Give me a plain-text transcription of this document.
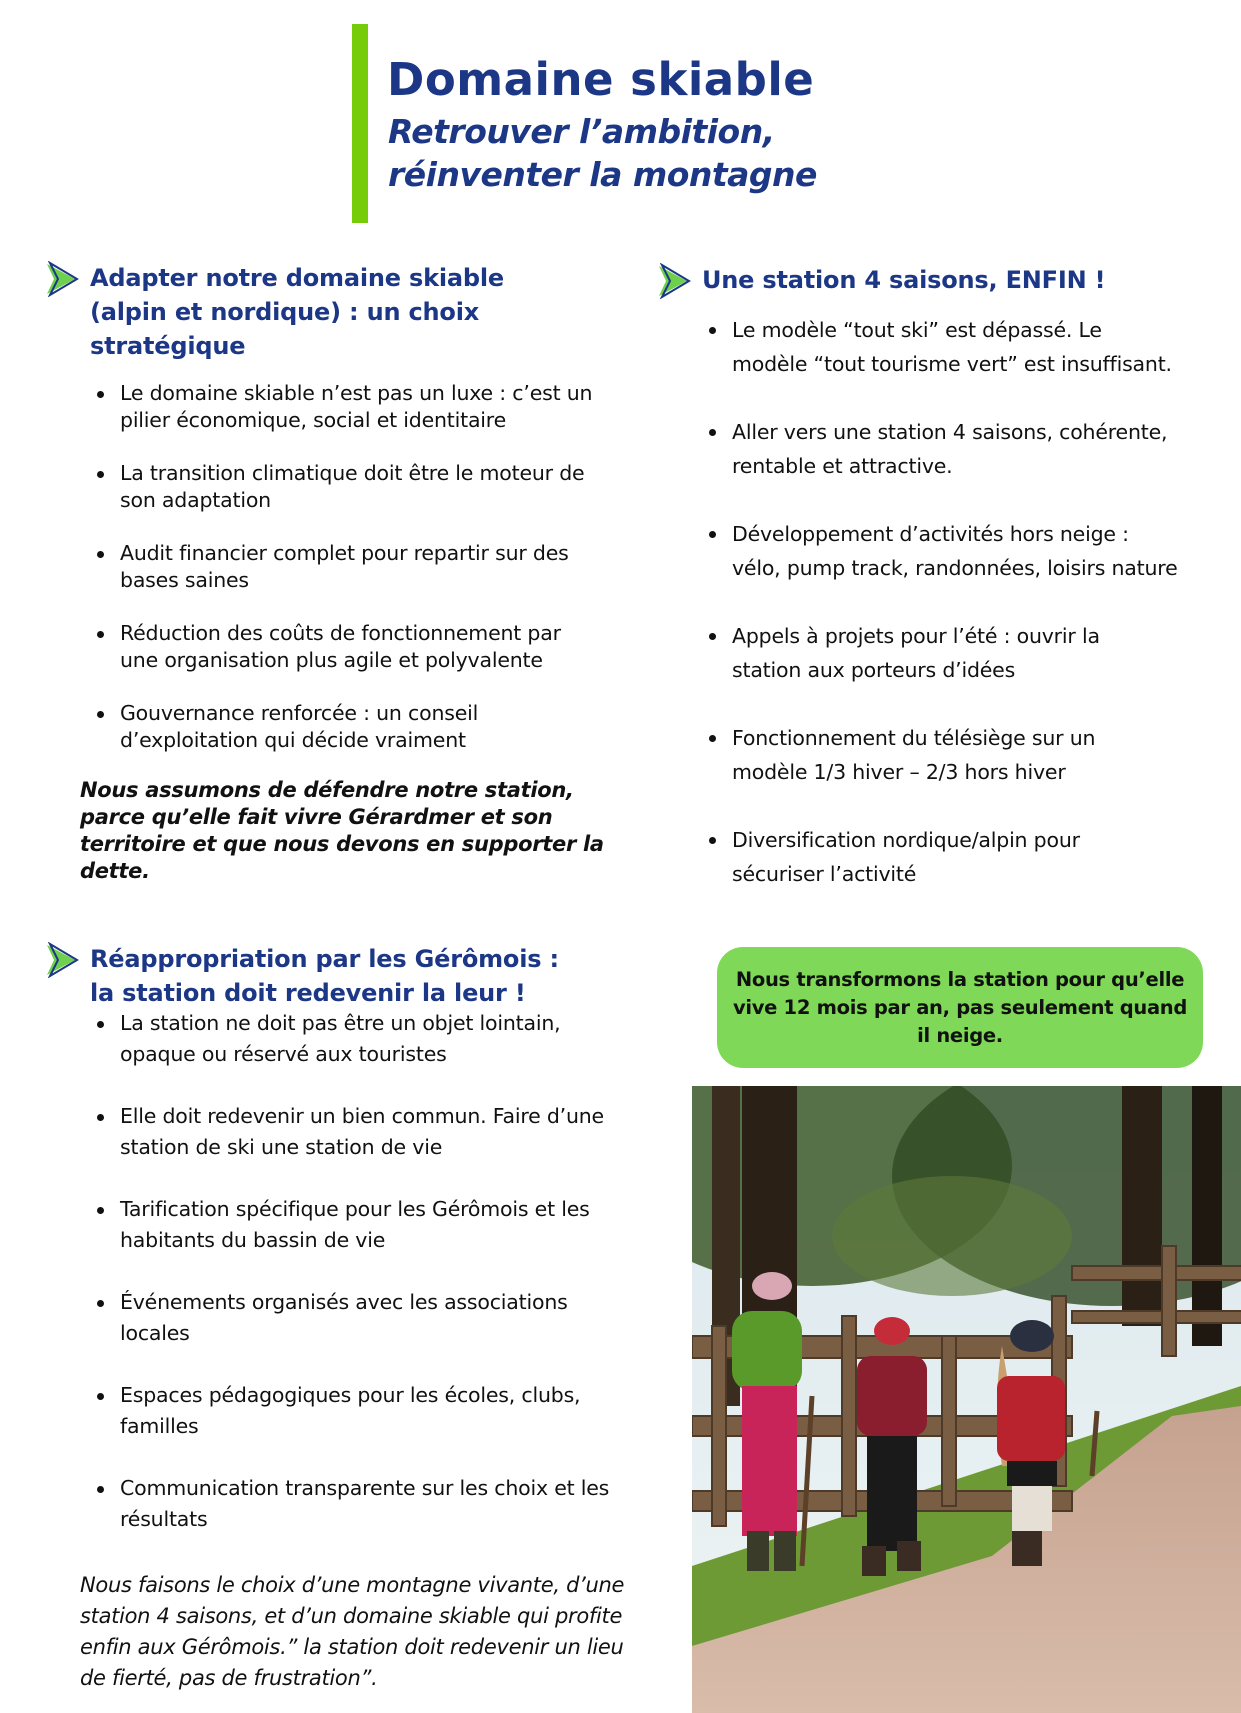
Domaine skiable
Retrouver l’ambition,
réinventer la montagne
Adapter notre domaine skiable
(alpin et nordique) : un choix
stratégique
Le domaine skiable n’est pas un luxe : c’est un
pilier économique, social et identitaire
La transition climatique doit être le moteur de
son adaptation
Audit financier complet pour repartir sur des
bases saines
Réduction des coûts de fonctionnement par
une organisation plus agile et polyvalente
Gouvernance renforcée : un conseil
d’exploitation qui décide vraiment
Nous assumons de défendre notre station,
parce qu’elle fait vivre Gérardmer et son
territoire et que nous devons en supporter la
dette.
Une station 4 saisons, ENFIN !
Le modèle “tout ski” est dépassé. Le
modèle “tout tourisme vert” est insuffisant.
Aller vers une station 4 saisons, cohérente,
rentable et attractive.
Développement d’activités hors neige :
vélo, pump track, randonnées, loisirs nature
Appels à projets pour l’été : ouvrir la
station aux porteurs d’idées
Fonctionnement du télésiège sur un
modèle 1/3 hiver – 2/3 hors hiver
Diversification nordique/alpin pour
sécuriser l’activité
Nous transformons la station pour qu’elle
vive 12 mois par an, pas seulement quand
il neige.
Réappropriation par les Gérômois :
la station doit redevenir la leur !
La station ne doit pas être un objet lointain,
opaque ou réservé aux touristes
Elle doit redevenir un bien commun. Faire d’une
station de ski une station de vie
Tarification spécifique pour les Gérômois et les
habitants du bassin de vie
Événements organisés avec les associations
locales
Espaces pédagogiques pour les écoles, clubs,
familles
Communication transparente sur les choix et les
résultats
Nous faisons le choix d’une montagne vivante, d’une
station 4 saisons, et d’un domaine skiable qui profite
enfin aux Gérômois.” la station doit redevenir un lieu
de fierté, pas de frustration”.
